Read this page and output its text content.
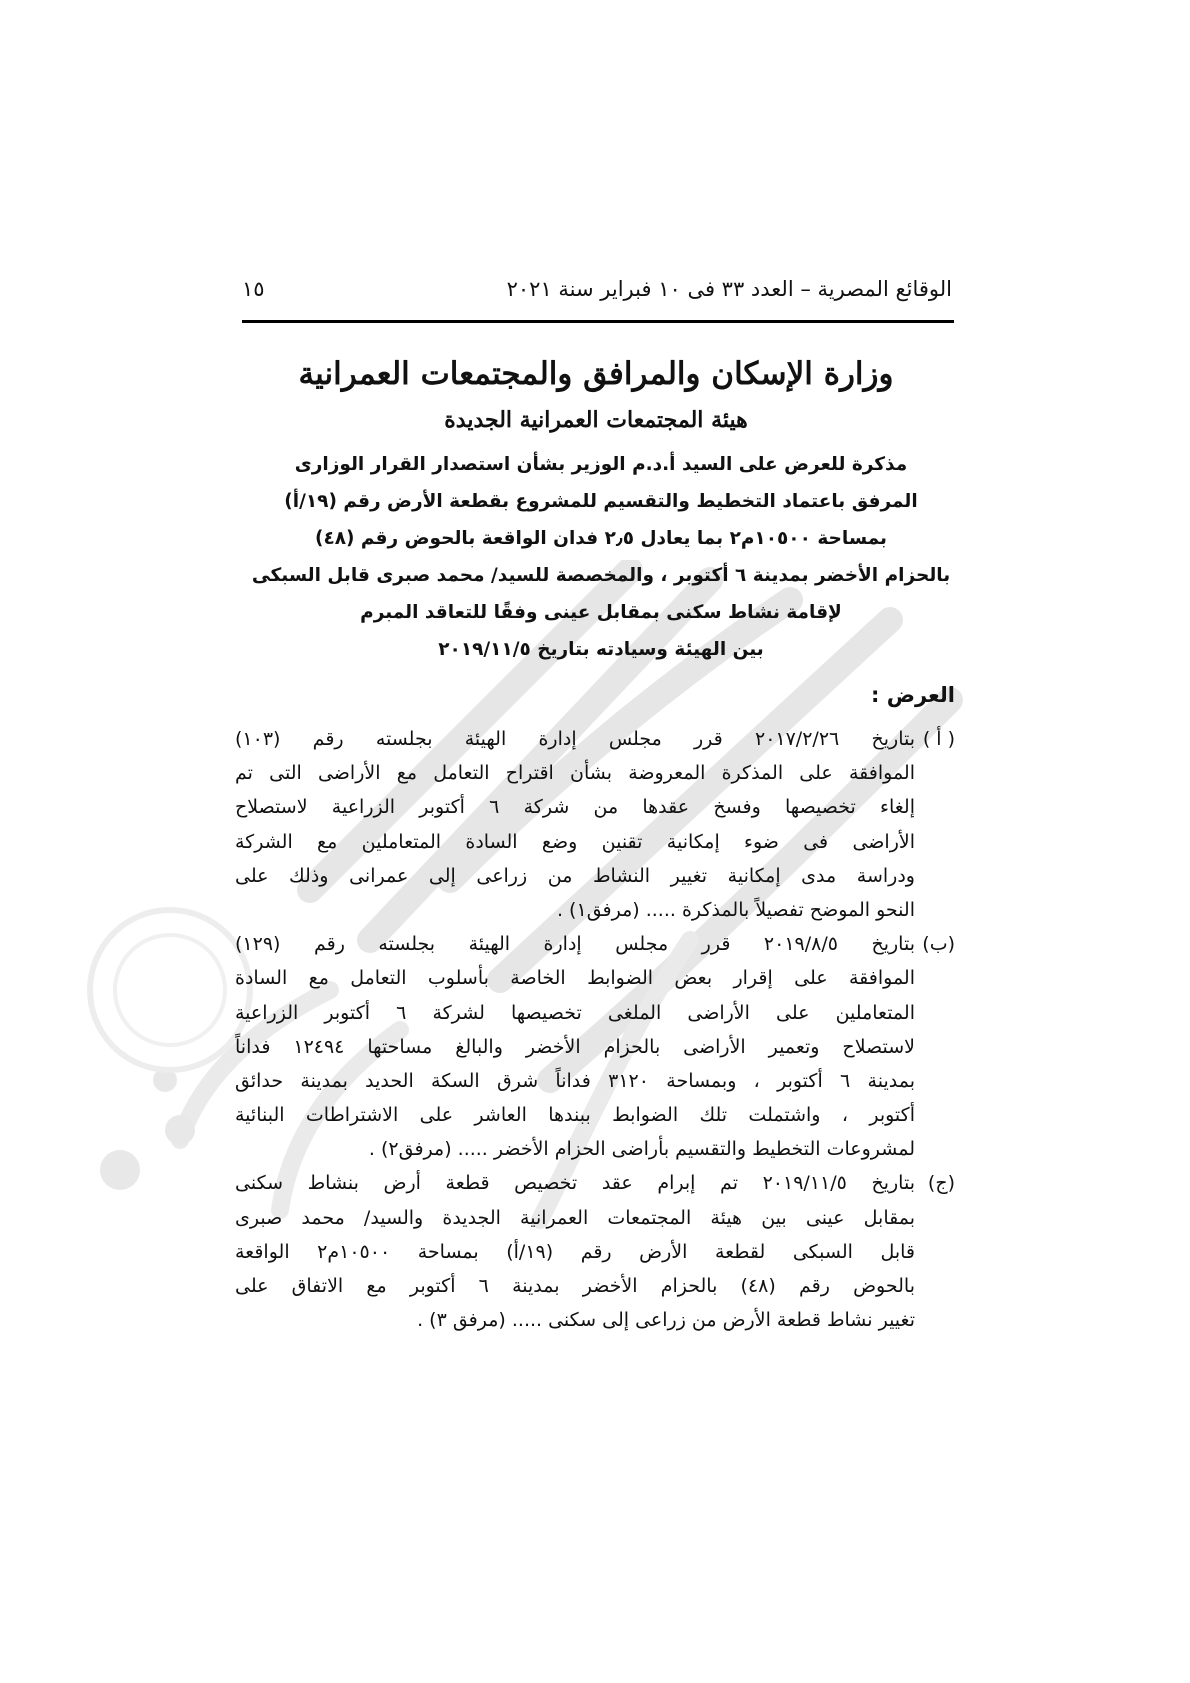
الوقائع المصرية – العدد ٣٣ فى ١٠ فبراير سنة ٢٠٢١
١٥
وزارة الإسكان والمرافق والمجتمعات العمرانية
هيئة المجتمعات العمرانية الجديدة
مذكرة للعرض على السيد أ.د.م الوزير بشأن استصدار القرار الوزارى
المرفق باعتماد التخطيط والتقسيم للمشروع بقطعة الأرض رقم (١٩/أ)
بمساحة ١٠٥٠٠م٢ بما يعادل ٢٫٥ فدان الواقعة بالحوض رقم (٤٨)
بالحزام الأخضر بمدينة ٦ أكتوبر ، والمخصصة للسيد/ محمد صبرى قابل السبكى
لإقامة نشاط سكنى بمقابل عينى وفقًا للتعاقد المبرم
بين الهيئة وسيادته بتاريخ ٢٠١٩/١١/٥
العرض :
( أ )
بتاريخ ٢٠١٧/٢/٢٦ قرر مجلس إدارة الهيئة بجلسته رقم (١٠٣)
الموافقة على المذكرة المعروضة بشأن اقتراح التعامل مع الأراضى التى تم
إلغاء تخصيصها وفسخ عقدها من شركة ٦ أكتوبر الزراعية لاستصلاح
الأراضى فى ضوء إمكانية تقنين وضع السادة المتعاملين مع الشركة
ودراسة مدى إمكانية تغيير النشاط من زراعى إلى عمرانى وذلك على
النحو الموضح تفصيلاً بالمذكرة ..... (مرفق١) .
(ب)
بتاريخ ٢٠١٩/٨/٥ قرر مجلس إدارة الهيئة بجلسته رقم (١٢٩)
الموافقة على إقرار بعض الضوابط الخاصة بأسلوب التعامل مع السادة
المتعاملين على الأراضى الملغى تخصيصها لشركة ٦ أكتوبر الزراعية
لاستصلاح وتعمير الأراضى بالحزام الأخضر والبالغ مساحتها ١٢٤٩٤ فداناً
بمدينة ٦ أكتوبر ، وبمساحة ٣١٢٠ فداناً شرق السكة الحديد بمدينة حدائق
أكتوبر ، واشتملت تلك الضوابط ببندها العاشر على الاشتراطات البنائية
لمشروعات التخطيط والتقسيم بأراضى الحزام الأخضر ..... (مرفق٢) .
(ج)
بتاريخ ٢٠١٩/١١/٥ تم إبرام عقد تخصيص قطعة أرض بنشاط سكنى
بمقابل عينى بين هيئة المجتمعات العمرانية الجديدة والسيد/ محمد صبرى
قابل السبكى لقطعة الأرض رقم (١٩/أ) بمساحة ١٠٥٠٠م٢ الواقعة
بالحوض رقم (٤٨) بالحزام الأخضر بمدينة ٦ أكتوبر مع الاتفاق على
تغيير نشاط قطعة الأرض من زراعى إلى سكنى ..... (مرفق ٣) .
